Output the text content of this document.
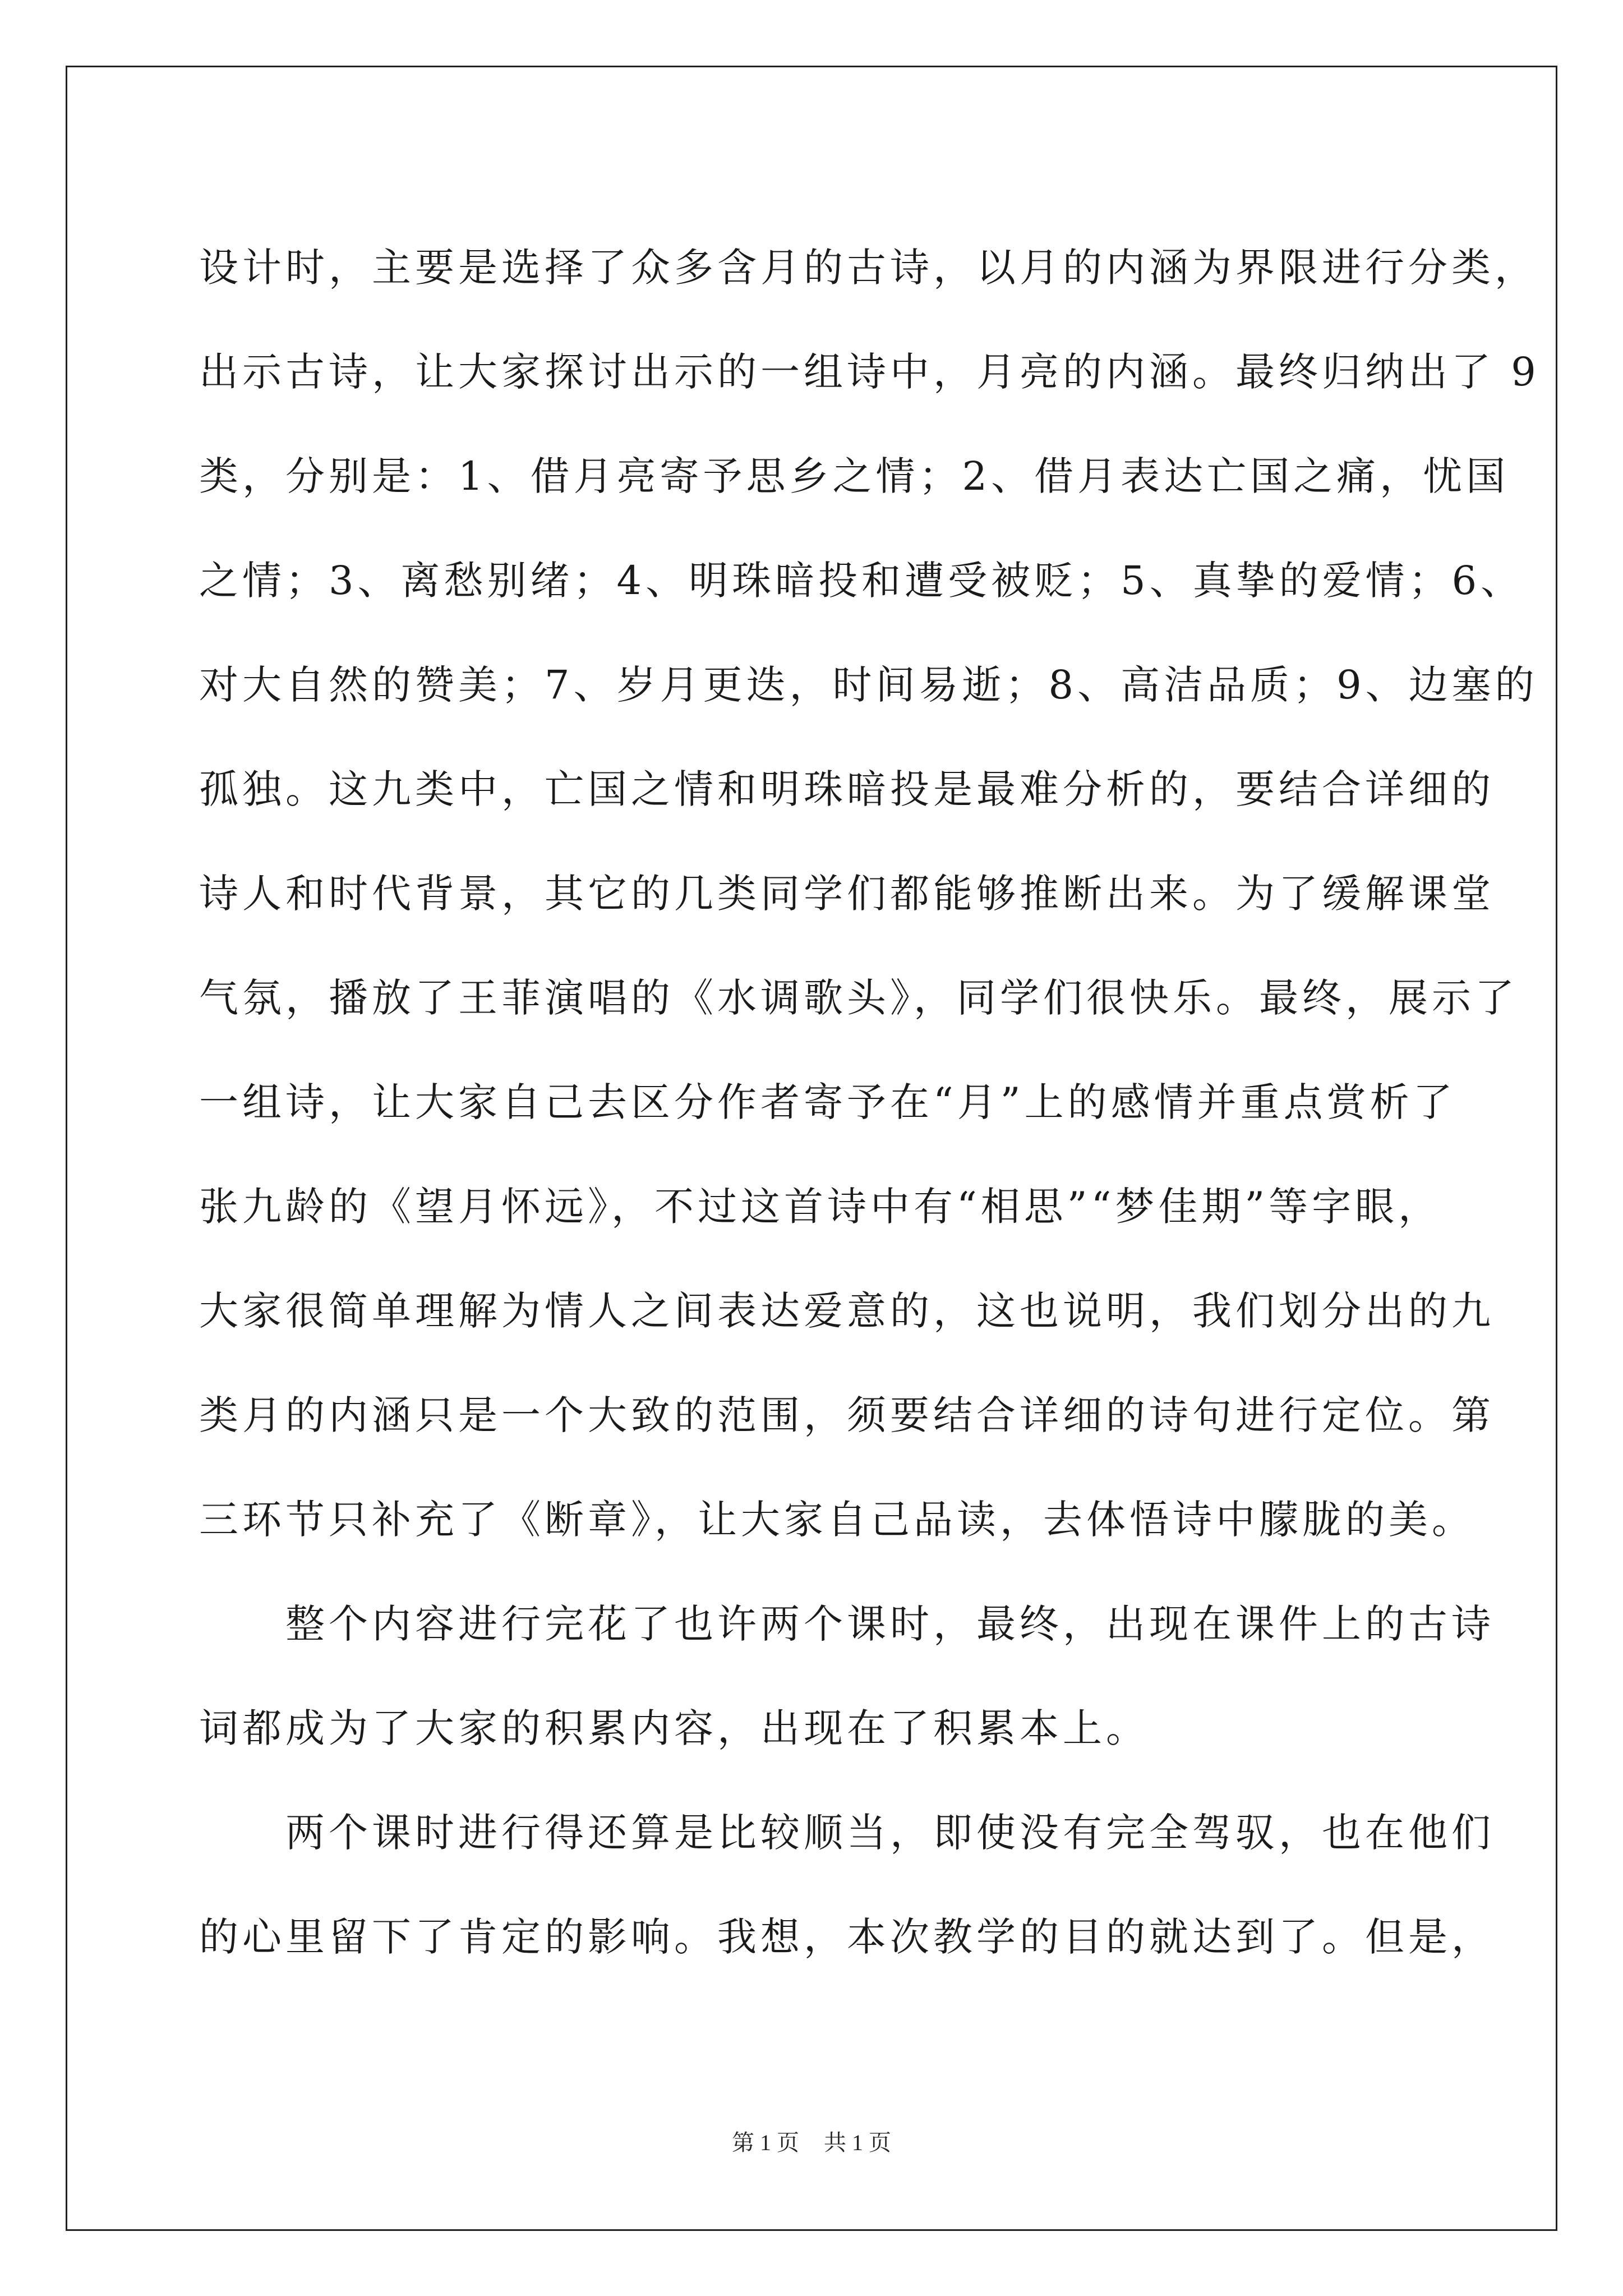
设计时，主要是选择了众多含月的古诗，以月的内涵为界限进行分类，
出示古诗，让大家探讨出示的一组诗中，月亮的内涵。最终归纳出了 9
类，分别是：1、借月亮寄予思乡之情；2、借月表达亡国之痛，忧国
之情；3、离愁别绪；4、明珠暗投和遭受被贬；5、真挚的爱情；6、
对大自然的赞美；7、岁月更迭，时间易逝；8、高洁品质；9、边塞的
孤独。这九类中，亡国之情和明珠暗投是最难分析的，要结合详细的
诗人和时代背景，其它的几类同学们都能够推断出来。为了缓解课堂
气氛，播放了王菲演唱的《水调歌头》，同学们很快乐。最终，展示了
一组诗，让大家自己去区分作者寄予在“月”上的感情并重点赏析了
张九龄的《望月怀远》，不过这首诗中有“相思”“梦佳期”等字眼，
大家很简单理解为情人之间表达爱意的，这也说明，我们划分出的九
类月的内涵只是一个大致的范围，须要结合详细的诗句进行定位。第
三环节只补充了《断章》，让大家自己品读，去体悟诗中朦胧的美。
　　整个内容进行完花了也许两个课时，最终，出现在课件上的古诗
词都成为了大家的积累内容，出现在了积累本上。
　　两个课时进行得还算是比较顺当，即使没有完全驾驭，也在他们
的心里留下了肯定的影响。我想，本次教学的目的就达到了。但是，
第 1 页 共 1 页
